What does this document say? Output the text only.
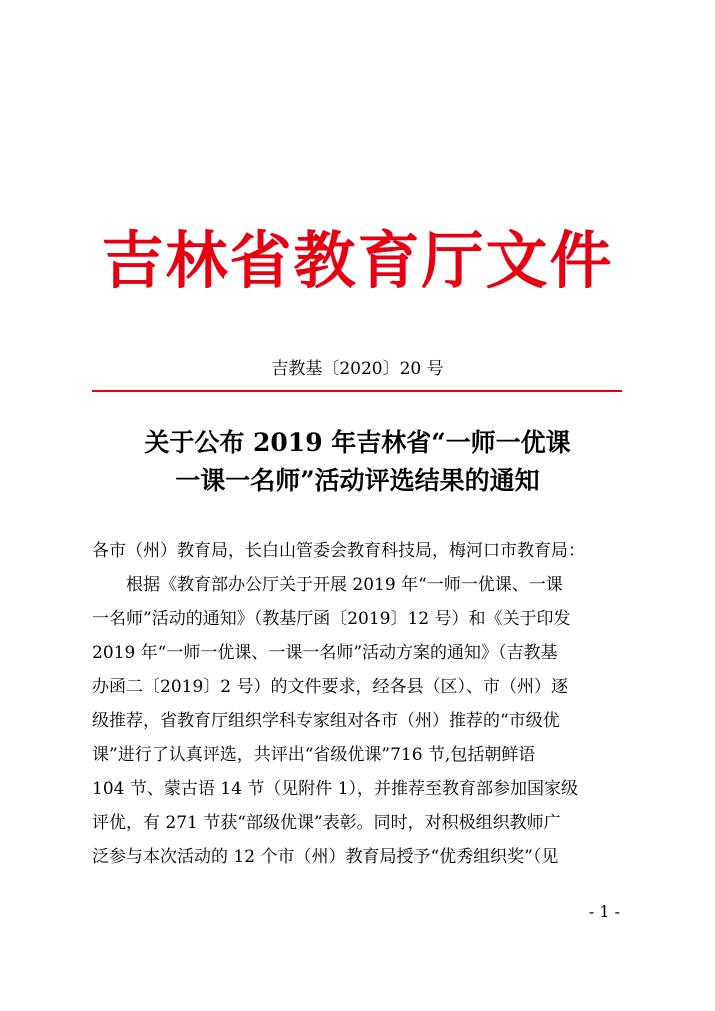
吉林省教育厅文件
吉教基〔2020〕20 号
关于公布 2019 年吉林省“一师一优课
一课一名师”活动评选结果的通知
各市（州）教育局，长白山管委会教育科技局，梅河口市教育局：
根据《教育部办公厅关于开展 2019 年“一师一优课、一课
一名师”活动的通知》（教基厅函〔2019〕12 号）和《关于印发
2019 年“一师一优课、一课一名师”活动方案的通知》（吉教基
办函二〔2019〕2 号）的文件要求，经各县（区）、市（州）逐
级推荐，省教育厅组织学科专家组对各市（州）推荐的“市级优
课”进行了认真评选，共评出“省级优课”716 节,包括朝鲜语
104 节、蒙古语 14 节（见附件 1），并推荐至教育部参加国家级
评优，有 271 节获“部级优课”表彰。同时，对积极组织教师广
泛参与本次活动的 12 个市（州）教育局授予“优秀组织奖”（见
- 1 -
